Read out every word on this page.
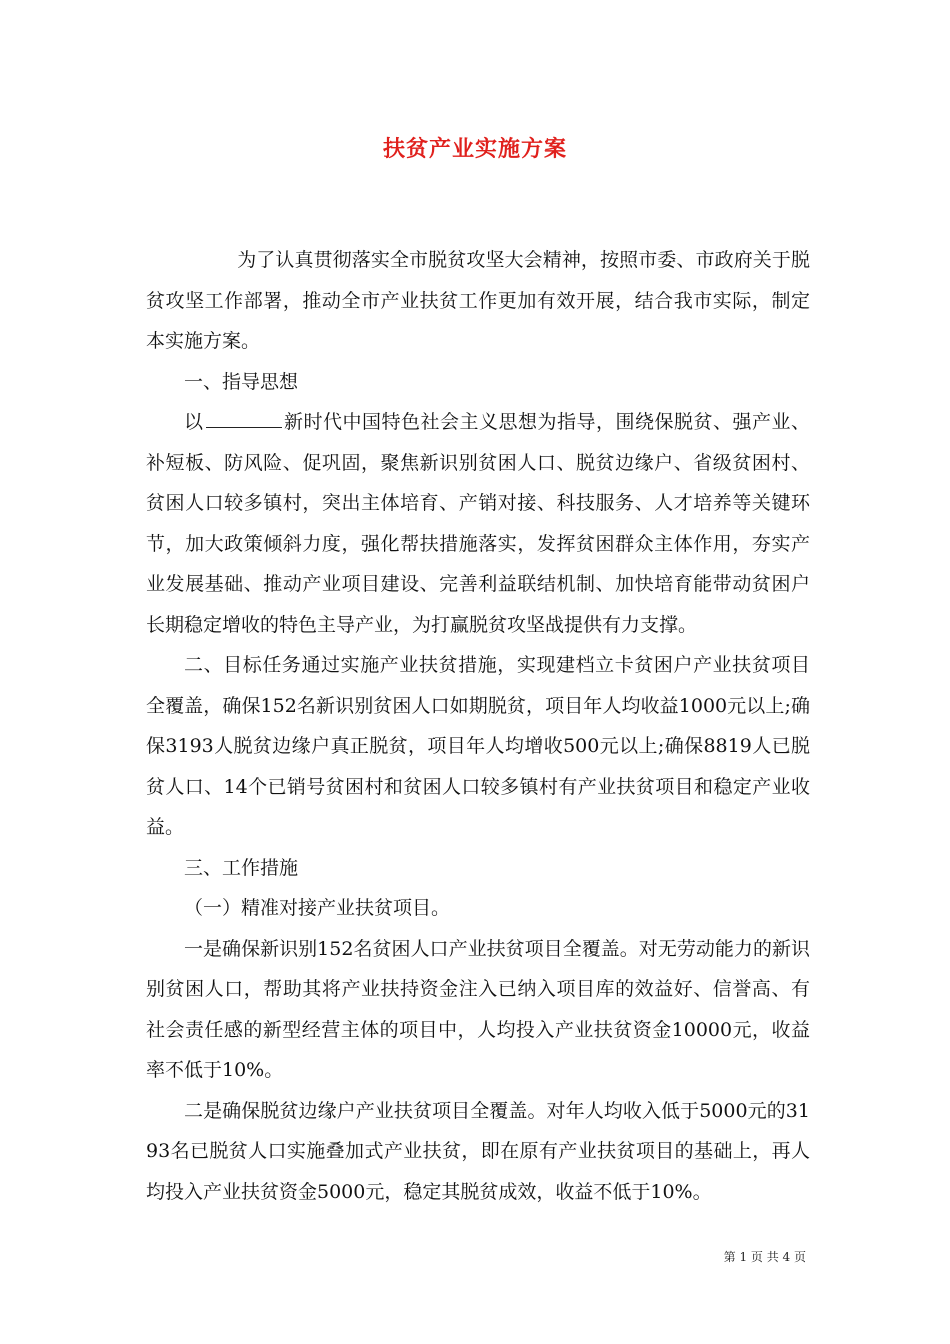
扶贫产业实施方案

为了认真贯彻落实全市脱贫攻坚大会精神，按照市委、市政府关于脱贫攻坚工作部署，推动全市产业扶贫工作更加有效开展，结合我市实际，制定本实施方案。

一、指导思想

以	新时代中国特色社会主义思想为指导，围绕保脱贫、强产业、补短板、防风险、促巩固，聚焦新识别贫困人口、脱贫边缘户、省级贫困村、贫困人口较多镇村，突出主体培育、产销对接、科技服务、人才培养等关键环节，加大政策倾斜力度，强化帮扶措施落实，发挥贫困群众主体作用，夯实产业发展基础、推动产业项目建设、完善利益联结机制、加快培育能带动贫困户长期稳定增收的特色主导产业，为打赢脱贫攻坚战提供有力支撑。

二、目标任务通过实施产业扶贫措施，实现建档立卡贫困户产业扶贫项目全覆盖，确保152名新识别贫困人口如期脱贫，项目年人均收益1000元以上;确保3193人脱贫边缘户真正脱贫，项目年人均增收500元以上;确保8819人已脱贫人口、14个已销号贫困村和贫困人口较多镇村有产业扶贫项目和稳定产业收益。

三、工作措施

（一）精准对接产业扶贫项目。

一是确保新识别152名贫困人口产业扶贫项目全覆盖。对无劳动能力的新识别贫困人口，帮助其将产业扶持资金注入已纳入项目库的效益好、信誉高、有社会责任感的新型经营主体的项目中，人均投入产业扶贫资金10000元，收益率不低于10%。

二是确保脱贫边缘户产业扶贫项目全覆盖。对年人均收入低于5000元的3193名已脱贫人口实施叠加式产业扶贫，即在原有产业扶贫项目的基础上，再人均投入产业扶贫资金5000元，稳定其脱贫成效，收益不低于10%。

第 1 页 共 4 页
